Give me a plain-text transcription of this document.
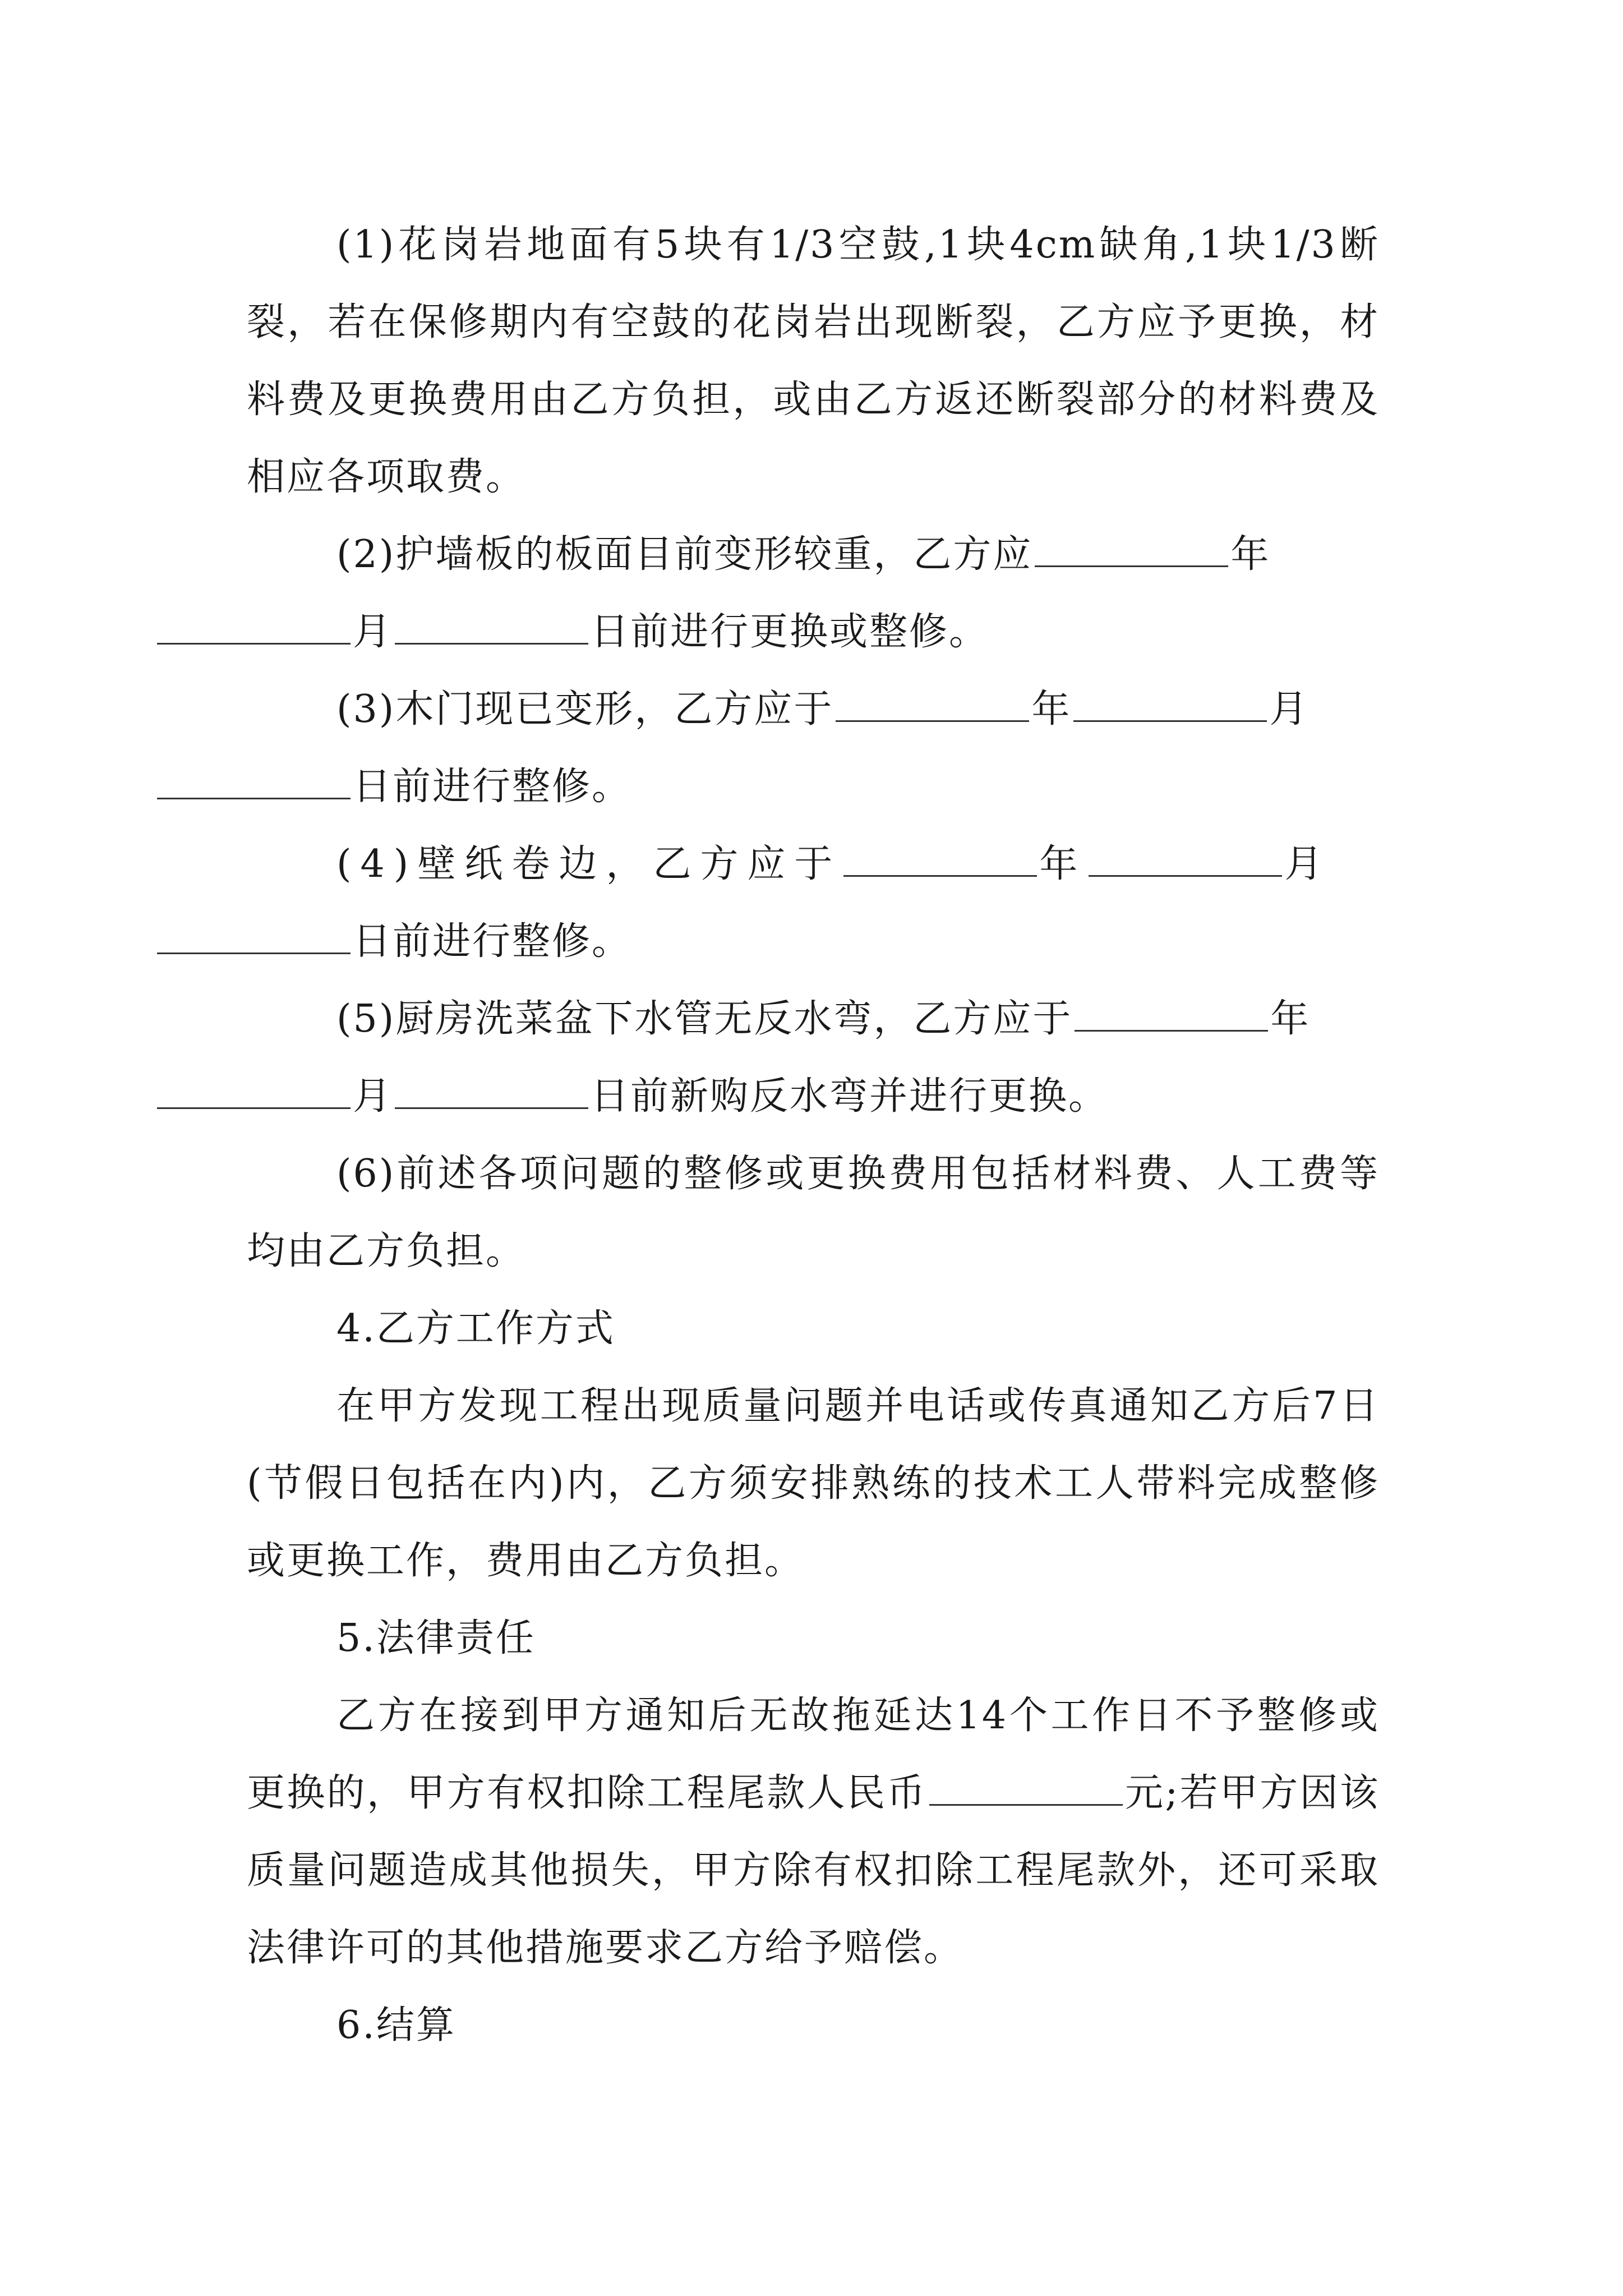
(1)花岗岩地面有5块有1/3空鼓,1块4cm缺角,1块1/3断裂，若在保修期内有空鼓的花岗岩出现断裂，乙方应予更换，材料费及更换费用由乙方负担，或由乙方返还断裂部分的材料费及相应各项取费。

(2)护墙板的板面目前变形较重，乙方应	年
月	日前进行更换或整修。

(3)木门现已变形，乙方应于	年	月
日前进行整修。

(4)壁纸卷边，乙方应于	年	月
日前进行整修。

(5)厨房洗菜盆下水管无反水弯，乙方应于	年
月	日前新购反水弯并进行更换。

(6)前述各项问题的整修或更换费用包括材料费、人工费等均由乙方负担。

4.乙方工作方式

在甲方发现工程出现质量问题并电话或传真通知乙方后7日(节假日包括在内)内，乙方须安排熟练的技术工人带料完成整修或更换工作，费用由乙方负担。

5.法律责任

乙方在接到甲方通知后无故拖延达14个工作日不予整修或更换的，甲方有权扣除工程尾款人民币	元;若甲方因该质量问题造成其他损失，甲方除有权扣除工程尾款外，还可采取法律许可的其他措施要求乙方给予赔偿。

6.结算
